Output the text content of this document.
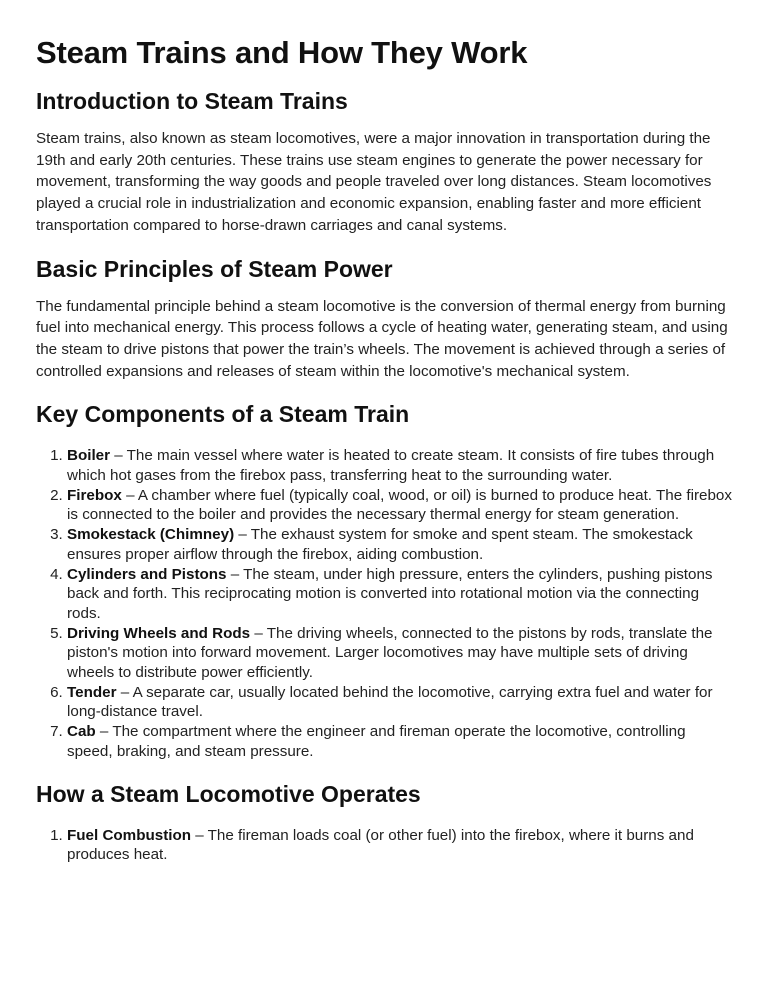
Steam Trains and How They Work
Introduction to Steam Trains

Steam trains, also known as steam locomotives, were a major innovation in transportation during the 19th and early 20th centuries. These trains use steam engines to generate the power necessary for movement, transforming the way goods and people traveled over long distances. Steam locomotives played a crucial role in industrialization and economic expansion, enabling faster and more efficient transportation compared to horse-drawn carriages and canal systems.

Basic Principles of Steam Power

The fundamental principle behind a steam locomotive is the conversion of thermal energy from burning fuel into mechanical energy. This process follows a cycle of heating water, generating steam, and using the steam to drive pistons that power the train’s wheels. The movement is achieved through a series of controlled expansions and releases of steam within the locomotive's mechanical system.

Key Components of a Steam Train
1. Boiler – The main vessel where water is heated to create steam. It consists of fire tubes through which hot gases from the firebox pass, transferring heat to the surrounding water.
2. Firebox – A chamber where fuel (typically coal, wood, or oil) is burned to produce heat. The firebox is connected to the boiler and provides the necessary thermal energy for steam generation.
3. Smokestack (Chimney) – The exhaust system for smoke and spent steam. The smokestack ensures proper airflow through the firebox, aiding combustion.
4. Cylinders and Pistons – The steam, under high pressure, enters the cylinders, pushing pistons back and forth. This reciprocating motion is converted into rotational motion via the connecting rods.
5. Driving Wheels and Rods – The driving wheels, connected to the pistons by rods, translate the piston's motion into forward movement. Larger locomotives may have multiple sets of driving wheels to distribute power efficiently.
6. Tender – A separate car, usually located behind the locomotive, carrying extra fuel and water for long-distance travel.
7. Cab – The compartment where the engineer and fireman operate the locomotive, controlling speed, braking, and steam pressure.
How a Steam Locomotive Operates
1. Fuel Combustion – The fireman loads coal (or other fuel) into the firebox, where it burns and produces heat.
